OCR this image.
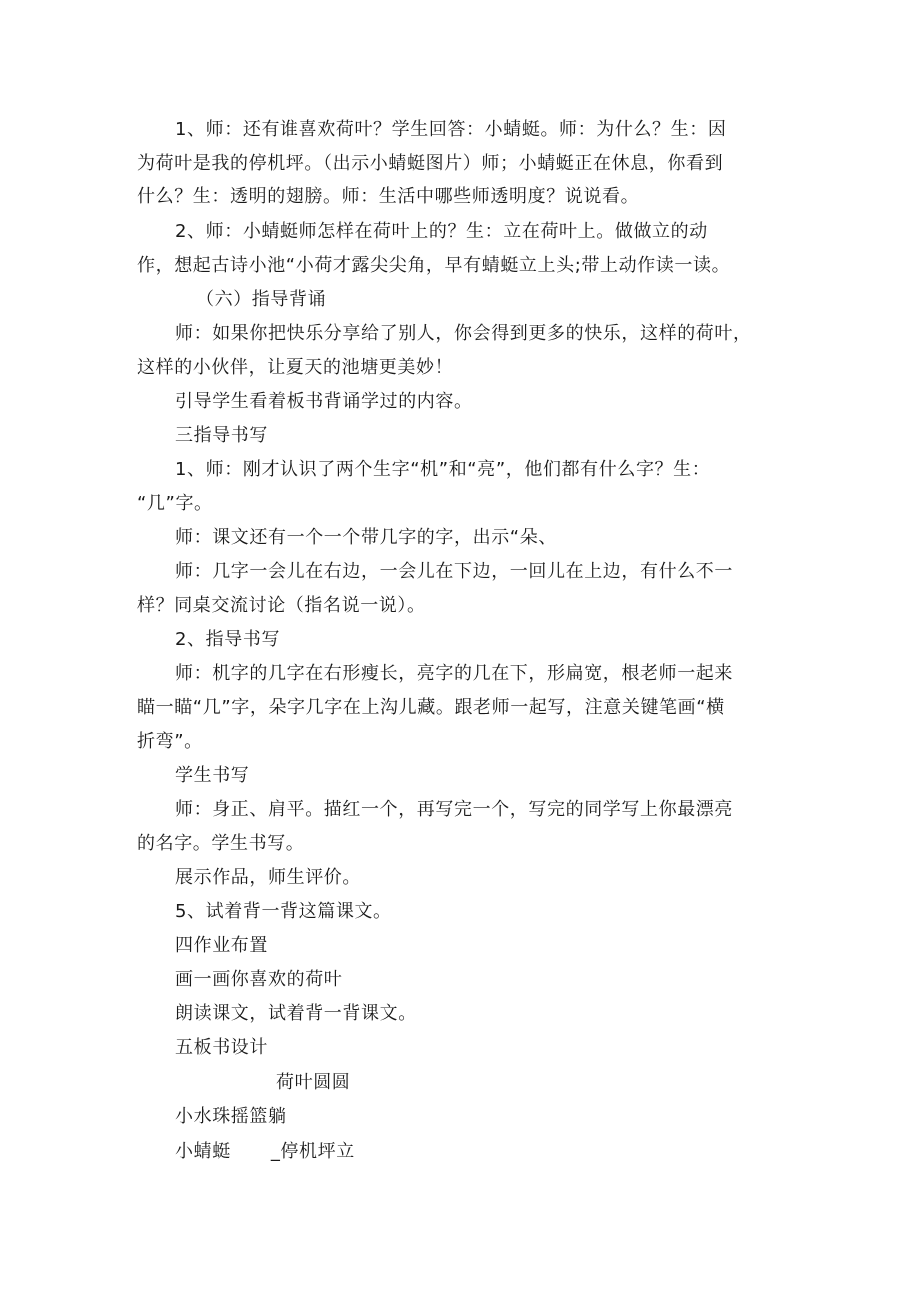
1、师：还有谁喜欢荷叶？学生回答：小蜻蜓。师：为什么？生：因
为荷叶是我的停机坪。（出示小蜻蜓图片）师；小蜻蜓正在休息，你看到
什么？生：透明的翅膀。师：生活中哪些师透明度？说说看。
2、师：小蜻蜓师怎样在荷叶上的？生：立在荷叶上。做做立的动
作，想起古诗小池“小荷才露尖尖角，早有蜻蜓立上头;带上动作读一读。
（六）指导背诵
师：如果你把快乐分享给了别人，你会得到更多的快乐，这样的荷叶，
这样的小伙伴，让夏天的池塘更美妙！
引导学生看着板书背诵学过的内容。
三指导书写
1、师：刚才认识了两个生字“机”和“亮”，他们都有什么字？生：
“几”字。
师：课文还有一个一个带几字的字，出示“朵、
师：几字一会儿在右边，一会儿在下边，一回儿在上边，有什么不一
样？同桌交流讨论（指名说一说）。
2、指导书写
师：机字的几字在右形瘦长，亮字的几在下，形扁宽，根老师一起来
瞄一瞄“几”字，朵字几字在上沟儿藏。跟老师一起写，注意关键笔画“横
折弯”。
学生书写
师：身正、肩平。描红一个，再写完一个，写完的同学写上你最漂亮
的名字。学生书写。
展示作品，师生评价。
5、试着背一背这篇课文。
四作业布置
画一画你喜欢的荷叶
朗读课文，试着背一背课文。
五板书设计
荷叶圆圆
小水珠摇篮躺
小蜻蜓 _停机坪立
